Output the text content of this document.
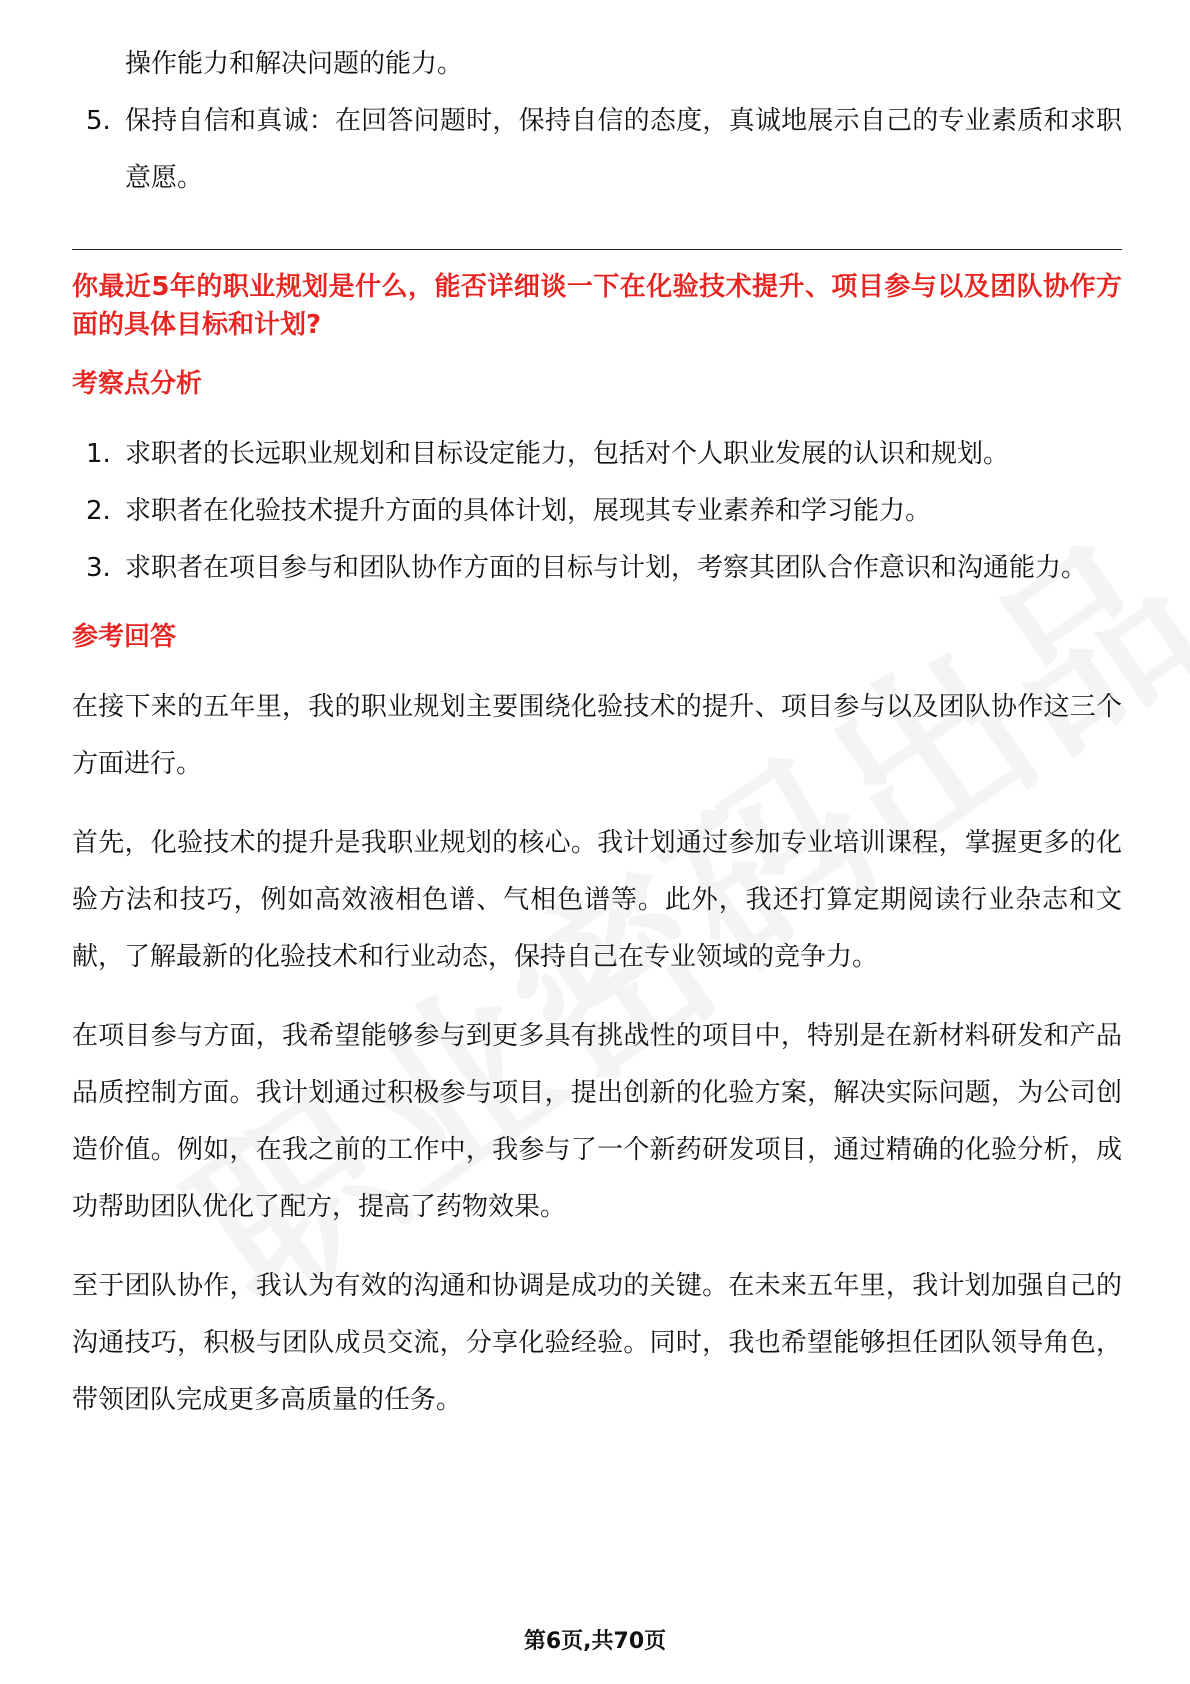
操作能力和解决问题的能力。
5. 保持自信和真诚：在回答问题时，保持自信的态度，真诚地展示自己的专业素质和求职意愿。
你最近5年的职业规划是什么，能否详细谈一下在化验技术提升、项目参与以及团队协作方面的具体目标和计划?
考察点分析
1. 求职者的长远职业规划和目标设定能力，包括对个人职业发展的认识和规划。
2. 求职者在化验技术提升方面的具体计划，展现其专业素养和学习能力。
3. 求职者在项目参与和团队协作方面的目标与计划，考察其团队合作意识和沟通能力。
参考回答

在接下来的五年里，我的职业规划主要围绕化验技术的提升、项目参与以及团队协作这三个方面进行。

首先，化验技术的提升是我职业规划的核心。我计划通过参加专业培训课程，掌握更多的化验方法和技巧，例如高效液相色谱、气相色谱等。此外，我还打算定期阅读行业杂志和文献，了解最新的化验技术和行业动态，保持自己在专业领域的竞争力。

在项目参与方面，我希望能够参与到更多具有挑战性的项目中，特别是在新材料研发和产品品质控制方面。我计划通过积极参与项目，提出创新的化验方案，解决实际问题，为公司创造价值。例如，在我之前的工作中，我参与了一个新药研发项目，通过精确的化验分析，成功帮助团队优化了配方，提高了药物效果。

至于团队协作，我认为有效的沟通和协调是成功的关键。在未来五年里，我计划加强自己的沟通技巧，积极与团队成员交流，分享化验经验。同时，我也希望能够担任团队领导角色，带领团队完成更多高质量的任务。

第6页,共70页
